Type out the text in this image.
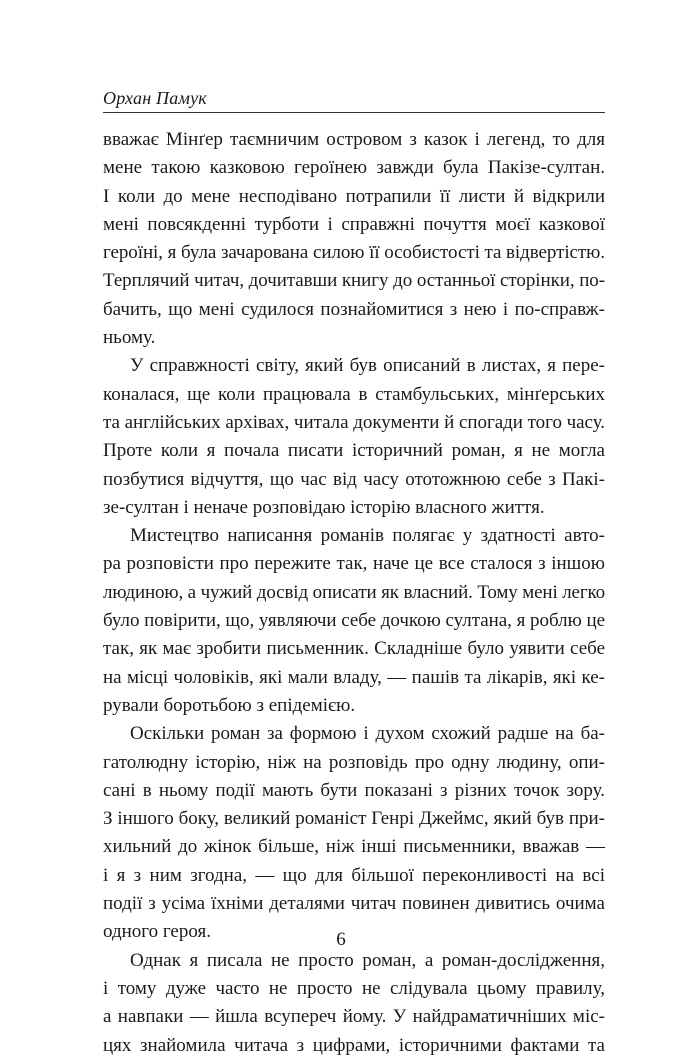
Орхан Памук
вважає Мінґер таємничим островом з казок і легенд, то для
мене такою казковою героїнею завжди була Пакізе-султан.
І коли до мене несподівано потрапили її листи й відкрили
мені повсякденні турботи і справжні почуття моєї казкової
героїні, я була зачарована силою її особистості та відвертістю.
Терплячий читач, дочитавши книгу до останньої сторінки, по-
бачить, що мені судилося познайомитися з нею і по-справж-
ньому.
У справжності світу, який був описаний в листах, я пере-
коналася, ще коли працювала в стамбульських, мінґерських
та англійських архівах, читала документи й спогади того часу.
Проте коли я почала писати історичний роман, я не могла
позбутися відчуття, що час від часу ототожнюю себе з Пакі-
зе-султан і неначе розповідаю історію власного життя.
Мистецтво написання романів полягає у здатності авто-
ра розповісти про пережите так, наче це все сталося з іншою
людиною, а чужий досвід описати як власний. Тому мені легко
було повірити, що, уявляючи себе дочкою султана, я роблю це
так, як має зробити письменник. Складніше було уявити себе
на місці чоловіків, які мали владу, — пашів та лікарів, які ке-
рували боротьбою з епідемією.
Оскільки роман за формою і духом схожий радше на ба-
гатолюдну історію, ніж на розповідь про одну людину, опи-
сані в ньому події мають бути показані з різних точок зору.
З іншого боку, великий романіст Генрі Джеймс, який був при-
хильний до жінок більше, ніж інші письменники, вважав —
і я з ним згодна, — що для більшої переконливості на всі
події з усіма їхніми деталями читач повинен дивитись очима
одного героя.
Однак я писала не просто роман, а роман-дослідження,
і тому дуже часто не просто не слідувала цьому правилу,
а навпаки — йшла всупереч йому. У найдраматичніших міс-
цях знайомила читача з цифрами, історичними фактами та
6
